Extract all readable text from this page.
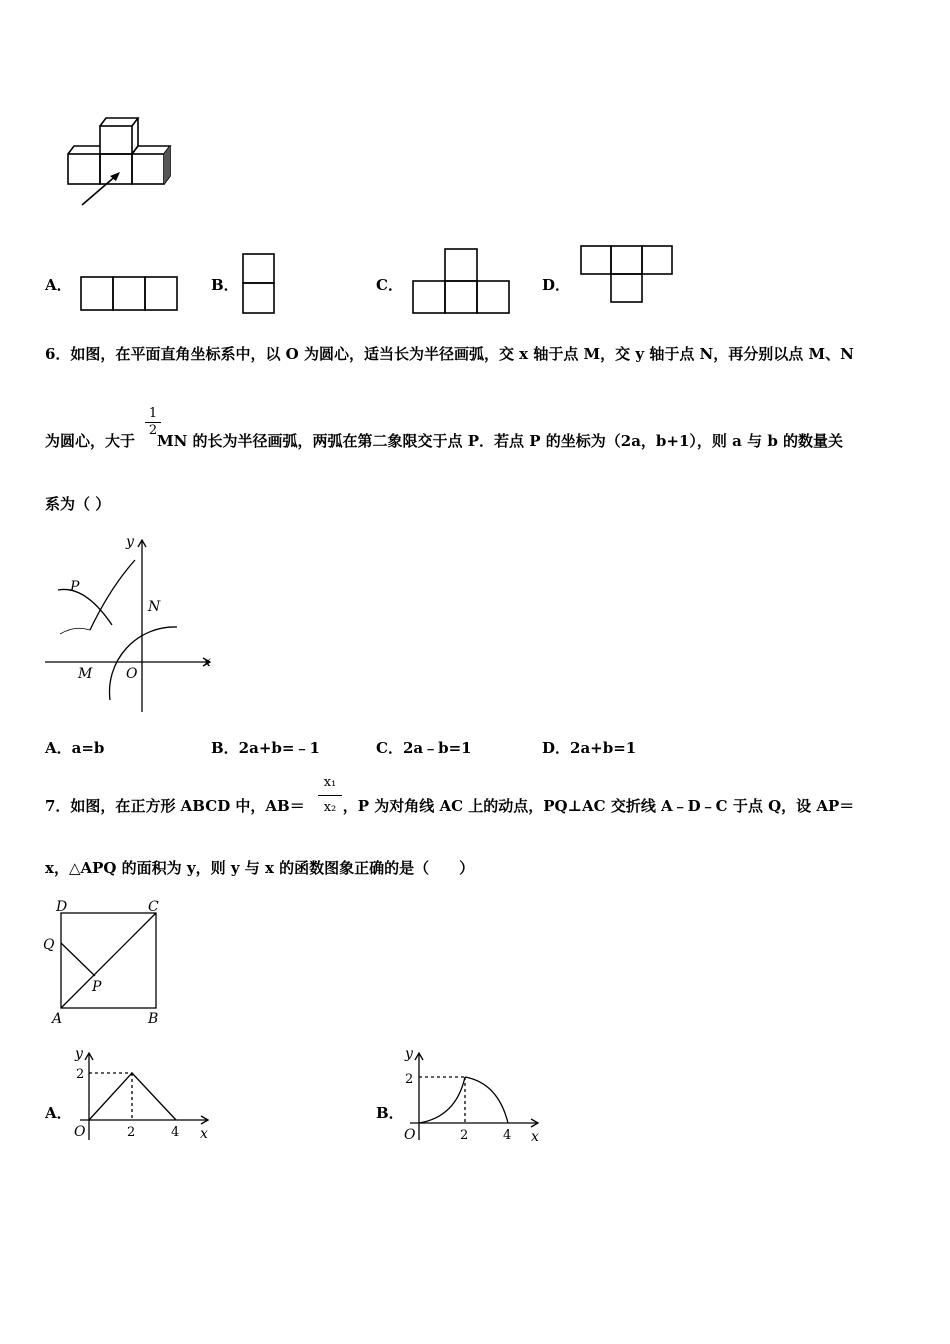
A．	B．	C．	D．
6．如图，在平面直角坐标系中，以 O 为圆心，适当长为半径画弧，交 x 轴于点 M，交 y 轴于点 N，再分别以点 M、N
为圆心，大于 MN 的长为半径画弧，两弧在第二象限交于点 P．若点 P 的坐标为（2a，b+1），则 a 与 b 的数量关
$\frac{1}{2}$
系为（ ）
y
x
P
N
M O
A．a=b	B．2a+b=﹣1	C．2a﹣b=1	D．2a+b=1
7．如图，在正方形 ABCD 中，AB＝	，P 为对角线 AC 上的动点，PQ⊥AC 交折线 A﹣D﹣C 于点 Q，设 AP＝
$\frac{\text{x₁}}{\text{x₂}}$
x，△APQ 的面积为 y，则 y 与 x 的函数图象正确的是（　　）
D	C
Q
P
A	B
A．
y
2
O	2	4 x
B．
y
2
O	2	4 x
